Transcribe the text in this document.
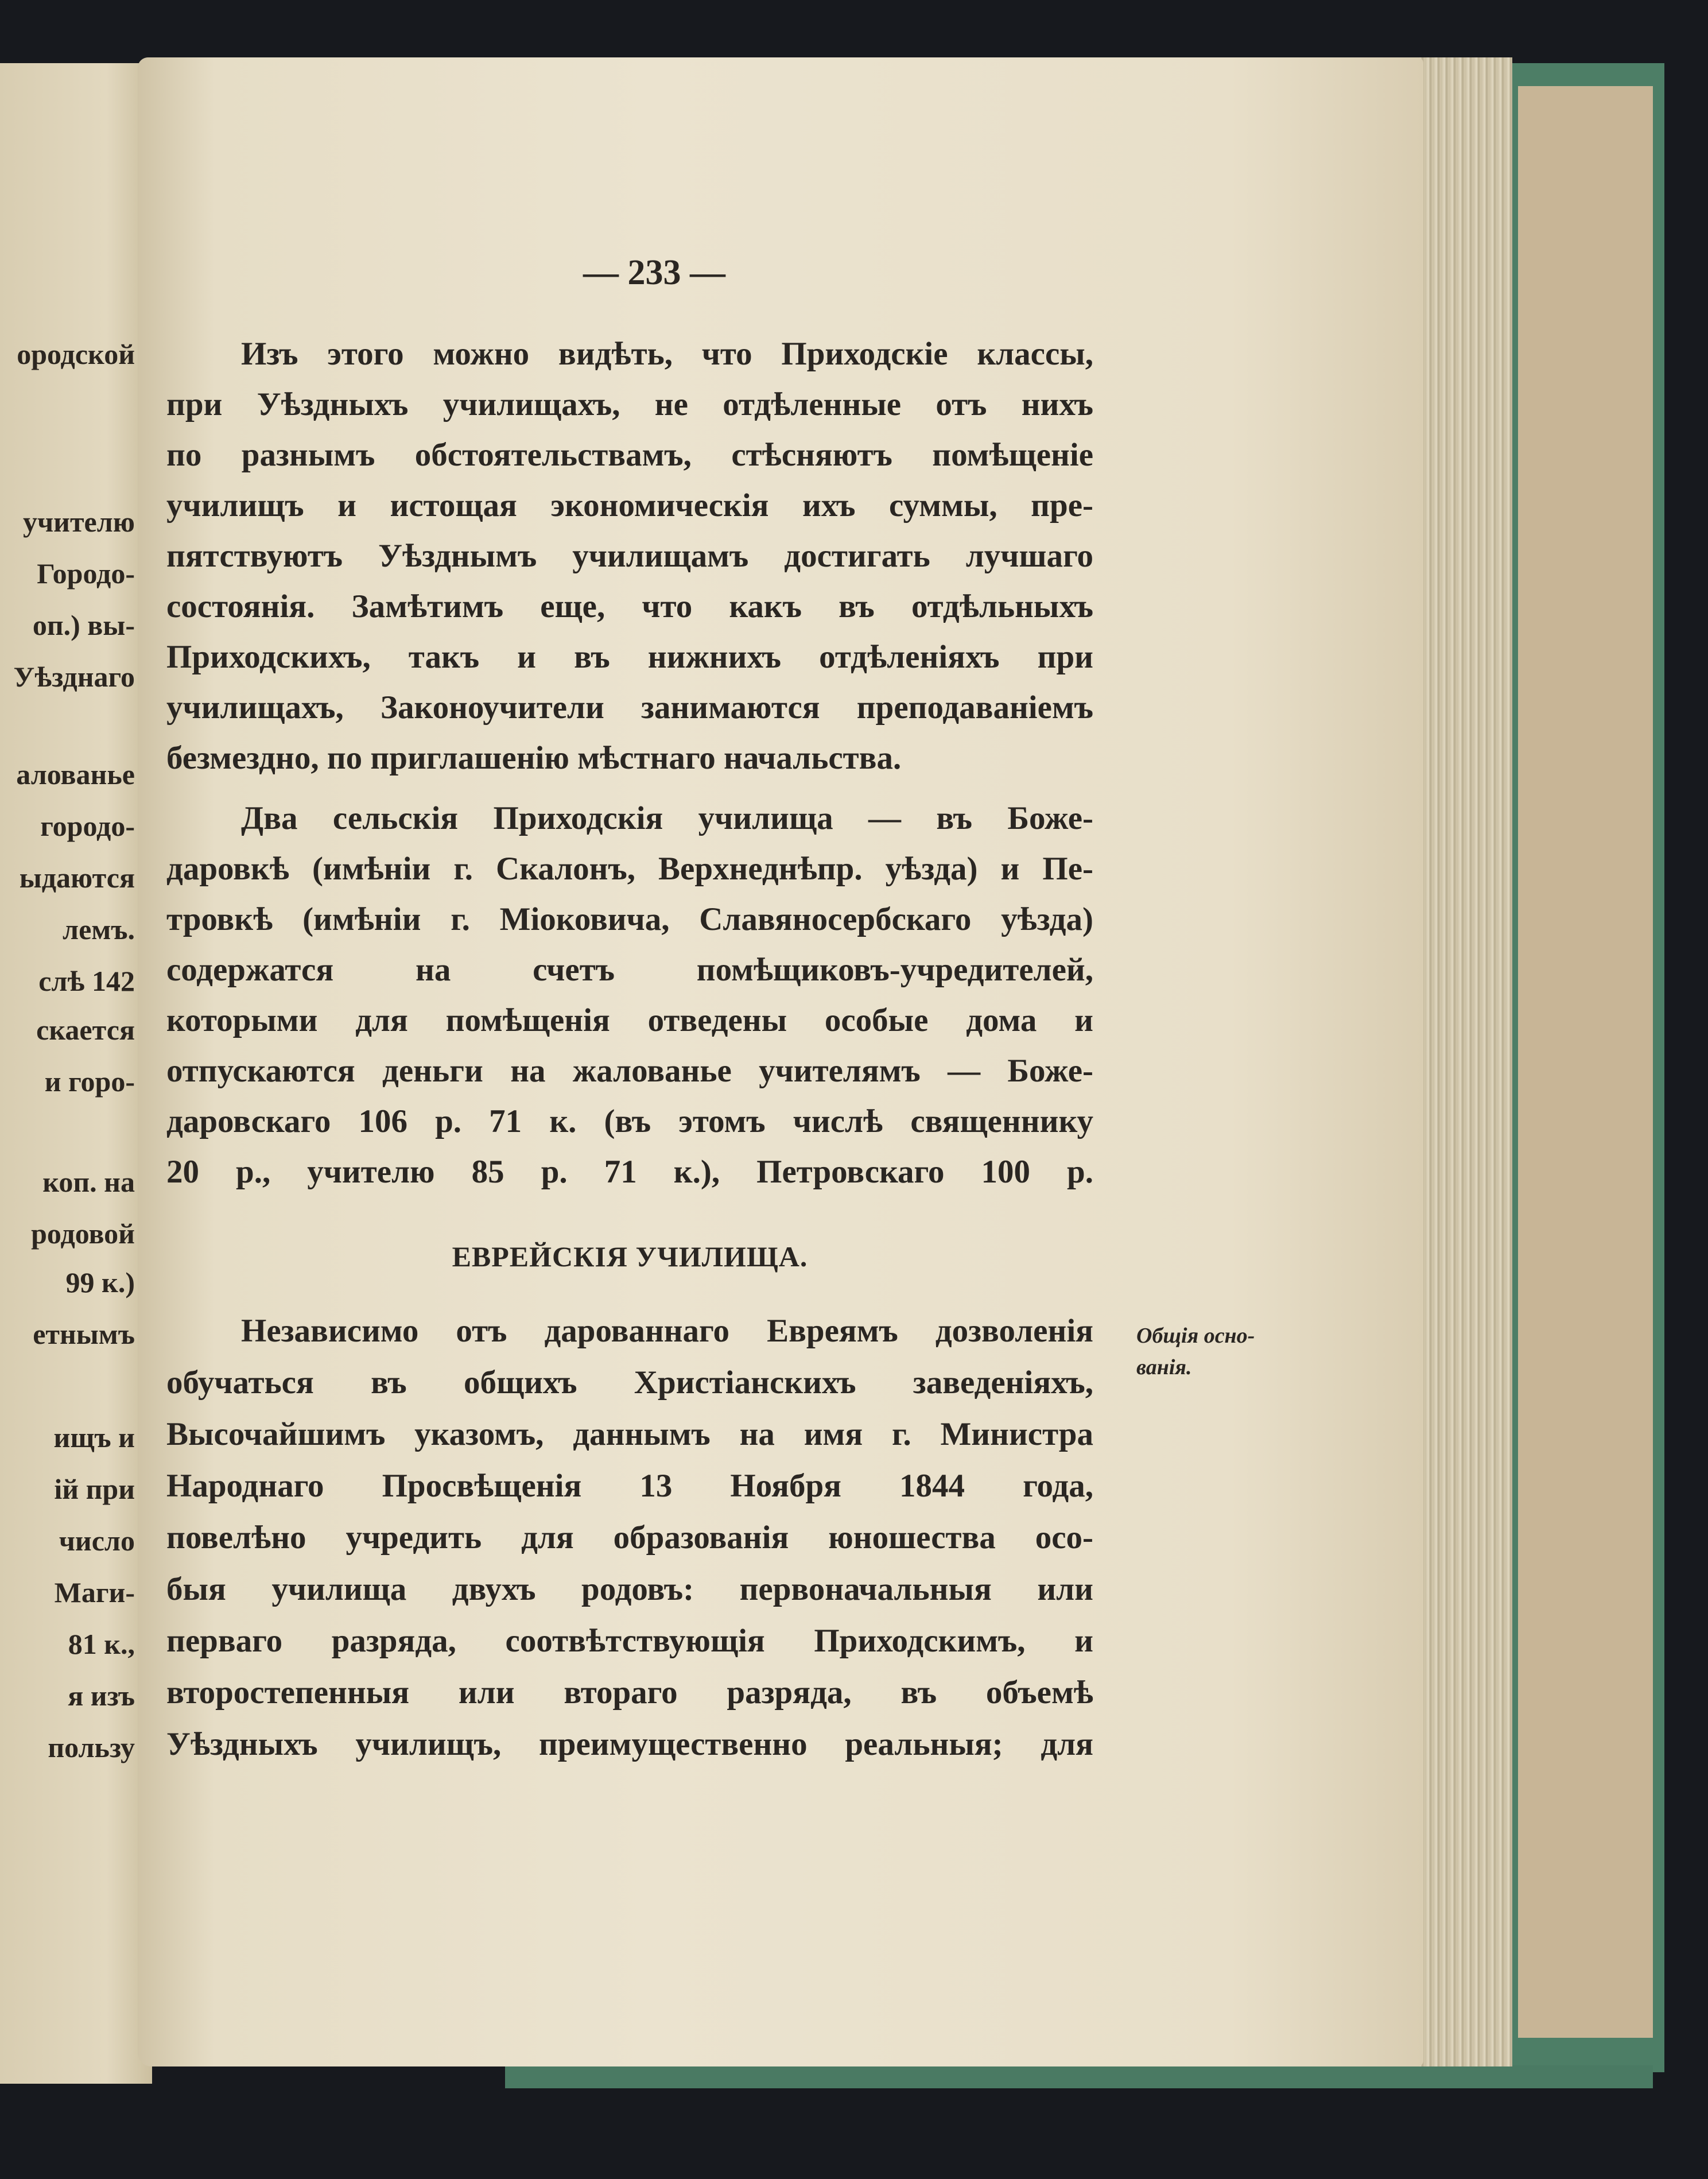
ородской
учителю
Городо-
оп.) вы-
Уѣзднаго
алованье
городо-
ыдаются
лемъ.
слѣ 142
скается
и горо-
коп. на
родовой
99 к.)
етнымъ
ищъ и
ій при
число
Маги-
81 к.,
я изъ
пользу
— 233 —
Изъ этого можно видѣть, что Приходскіе классы,
при Уѣздныхъ училищахъ, не отдѣленные отъ нихъ
по разнымъ обстоятельствамъ, стѣсняютъ помѣщеніе
училищъ и истощая экономическія ихъ суммы, пре-
пятствуютъ Уѣзднымъ училищамъ достигать лучшаго
состоянія. Замѣтимъ еще, что какъ въ отдѣльныхъ
Приходскихъ, такъ и въ нижнихъ отдѣленіяхъ при
училищахъ, Законоучители занимаются преподаваніемъ
безмездно, по приглашенію мѣстнаго начальства.
Два сельскія Приходскія училища — въ Боже-
даровкѣ (имѣніи г. Скалонъ, Верхнеднѣпр. уѣзда) и Пе-
тровкѣ (имѣніи г. Міоковича, Славяносербскаго уѣзда)
содержатся на счетъ помѣщиковъ-учредителей,
которыми для помѣщенія отведены особые дома и
отпускаются деньги на жалованье учителямъ — Боже-
даровскаго 106 р. 71 к. (въ этомъ числѣ священнику
20 р., учителю 85 р. 71 к.), Петровскаго 100 р.
ЕВРЕЙСКІЯ УЧИЛИЩА.
Независимо отъ дарованнаго Евреямъ дозволенія
обучаться въ общихъ Христіанскихъ заведеніяхъ,
Высочайшимъ указомъ, даннымъ на имя г. Министра
Народнаго Просвѣщенія 13 Ноября 1844 года,
повелѣно учредить для образованія юношества осо-
быя училища двухъ родовъ: первоначальныя или
перваго разряда, соотвѣтствующія Приходскимъ, и
второстепенныя или втораго разряда, въ объемѣ
Уѣздныхъ училищъ, преимущественно реальныя; для
Общія осно-
ванія.
